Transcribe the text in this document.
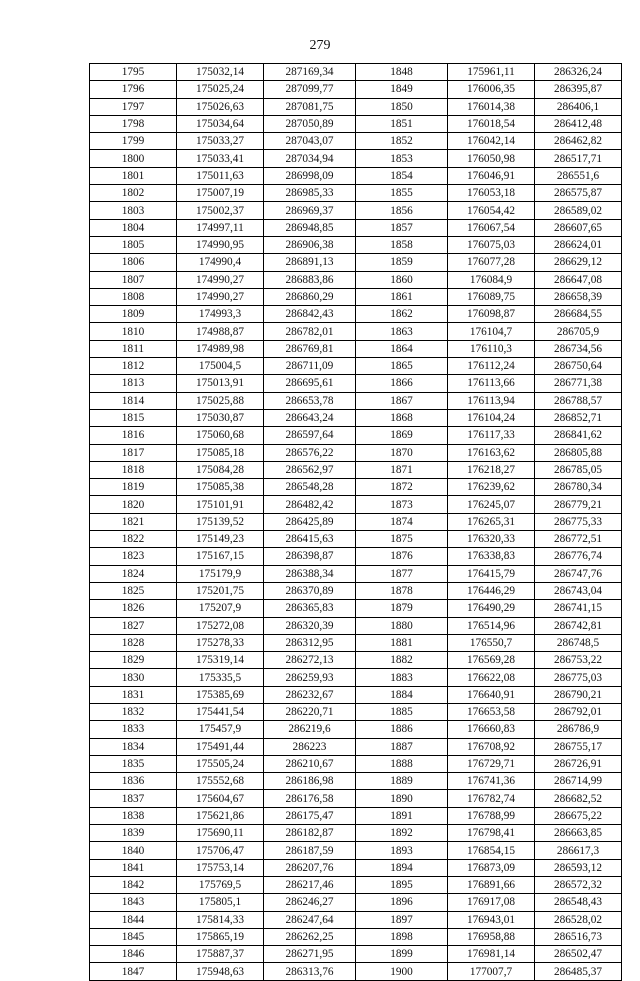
279
1795	175032,14	287169,34	1848	175961,11	286326,24
1796	175025,24	287099,77	1849	176006,35	286395,87
1797	175026,63	287081,75	1850	176014,38	286406,1
1798	175034,64	287050,89	1851	176018,54	286412,48
1799	175033,27	287043,07	1852	176042,14	286462,82
1800	175033,41	287034,94	1853	176050,98	286517,71
1801	175011,63	286998,09	1854	176046,91	286551,6
1802	175007,19	286985,33	1855	176053,18	286575,87
1803	175002,37	286969,37	1856	176054,42	286589,02
1804	174997,11	286948,85	1857	176067,54	286607,65
1805	174990,95	286906,38	1858	176075,03	286624,01
1806	174990,4	286891,13	1859	176077,28	286629,12
1807	174990,27	286883,86	1860	176084,9	286647,08
1808	174990,27	286860,29	1861	176089,75	286658,39
1809	174993,3	286842,43	1862	176098,87	286684,55
1810	174988,87	286782,01	1863	176104,7	286705,9
1811	174989,98	286769,81	1864	176110,3	286734,56
1812	175004,5	286711,09	1865	176112,24	286750,64
1813	175013,91	286695,61	1866	176113,66	286771,38
1814	175025,88	286653,78	1867	176113,94	286788,57
1815	175030,87	286643,24	1868	176104,24	286852,71
1816	175060,68	286597,64	1869	176117,33	286841,62
1817	175085,18	286576,22	1870	176163,62	286805,88
1818	175084,28	286562,97	1871	176218,27	286785,05
1819	175085,38	286548,28	1872	176239,62	286780,34
1820	175101,91	286482,42	1873	176245,07	286779,21
1821	175139,52	286425,89	1874	176265,31	286775,33
1822	175149,23	286415,63	1875	176320,33	286772,51
1823	175167,15	286398,87	1876	176338,83	286776,74
1824	175179,9	286388,34	1877	176415,79	286747,76
1825	175201,75	286370,89	1878	176446,29	286743,04
1826	175207,9	286365,83	1879	176490,29	286741,15
1827	175272,08	286320,39	1880	176514,96	286742,81
1828	175278,33	286312,95	1881	176550,7	286748,5
1829	175319,14	286272,13	1882	176569,28	286753,22
1830	175335,5	286259,93	1883	176622,08	286775,03
1831	175385,69	286232,67	1884	176640,91	286790,21
1832	175441,54	286220,71	1885	176653,58	286792,01
1833	175457,9	286219,6	1886	176660,83	286786,9
1834	175491,44	286223	1887	176708,92	286755,17
1835	175505,24	286210,67	1888	176729,71	286726,91
1836	175552,68	286186,98	1889	176741,36	286714,99
1837	175604,67	286176,58	1890	176782,74	286682,52
1838	175621,86	286175,47	1891	176788,99	286675,22
1839	175690,11	286182,87	1892	176798,41	286663,85
1840	175706,47	286187,59	1893	176854,15	286617,3
1841	175753,14	286207,76	1894	176873,09	286593,12
1842	175769,5	286217,46	1895	176891,66	286572,32
1843	175805,1	286246,27	1896	176917,08	286548,43
1844	175814,33	286247,64	1897	176943,01	286528,02
1845	175865,19	286262,25	1898	176958,88	286516,73
1846	175887,37	286271,95	1899	176981,14	286502,47
1847	175948,63	286313,76	1900	177007,7	286485,37
